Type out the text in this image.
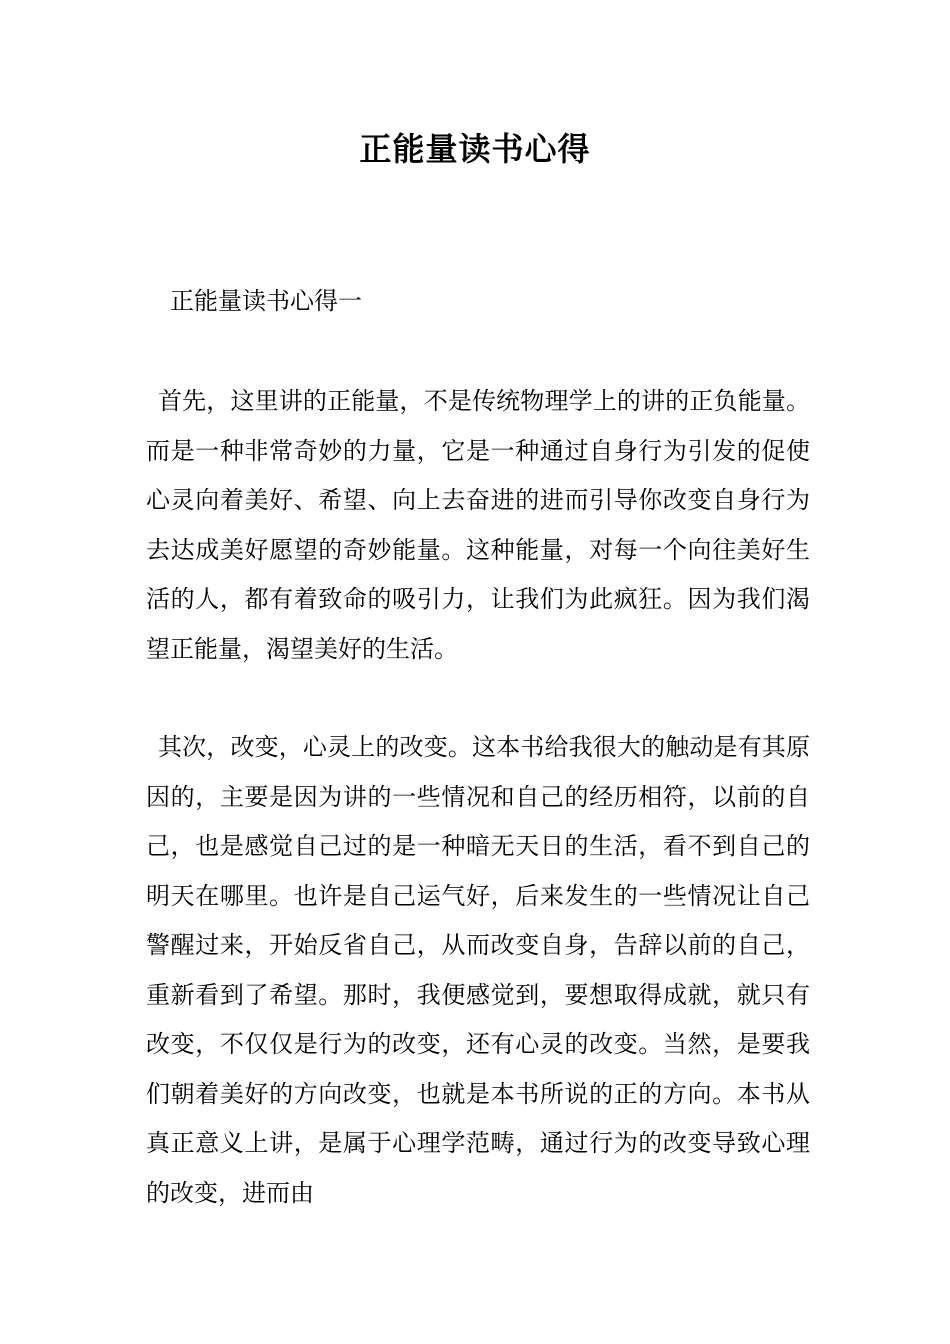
正能量读书心得

正能量读书心得一

首先，这里讲的正能量，不是传统物理学上的讲的正负能量。而是一种非常奇妙的力量，它是一种通过自身行为引发的促使心灵向着美好、希望、向上去奋进的进而引导你改变自身行为去达成美好愿望的奇妙能量。这种能量，对每一个向往美好生活的人，都有着致命的吸引力，让我们为此疯狂。因为我们渴望正能量，渴望美好的生活。

其次，改变，心灵上的改变。这本书给我很大的触动是有其原因的，主要是因为讲的一些情况和自己的经历相符，以前的自己，也是感觉自己过的是一种暗无天日的生活，看不到自己的明天在哪里。也许是自己运气好，后来发生的一些情况让自己警醒过来，开始反省自己，从而改变自身，告辞以前的自己，重新看到了希望。那时，我便感觉到，要想取得成就，就只有改变，不仅仅是行为的改变，还有心灵的改变。当然，是要我们朝着美好的方向改变，也就是本书所说的正的方向。本书从真正意义上讲，是属于心理学范畴，通过行为的改变导致心理的改变，进而由
